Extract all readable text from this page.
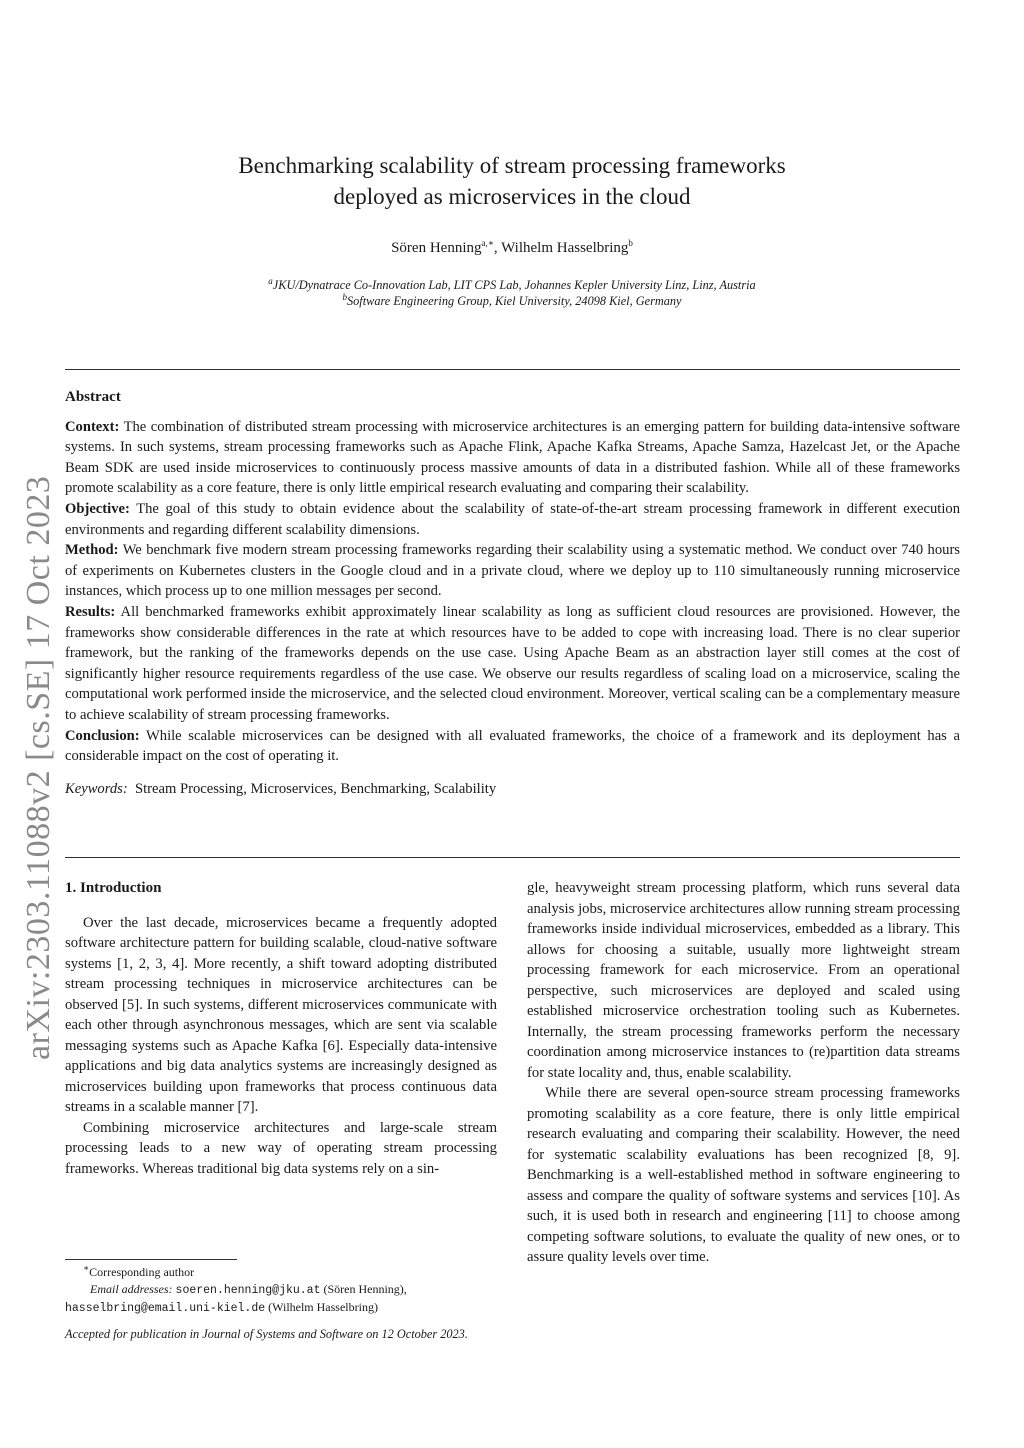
arXiv:2303.11088v2 [cs.SE] 17 Oct 2023
Benchmarking scalability of stream processing frameworks
deployed as microservices in the cloud
Sören Henning$^{a,∗}$, Wilhelm Hasselbring$^b$
$^a$JKU/Dynatrace Co-Innovation Lab, LIT CPS Lab, Johannes Kepler University Linz, Linz, Austria
$^b$Software Engineering Group, Kiel University, 24098 Kiel, Germany
Abstract

Context: The combination of distributed stream processing with microservice architectures is an emerging pattern for building data-intensive software systems. In such systems, stream processing frameworks such as Apache Flink, Apache Kafka Streams, Apache Samza, Hazelcast Jet, or the Apache Beam SDK are used inside microservices to continuously process massive amounts of data in a distributed fashion. While all of these frameworks promote scalability as a core feature, there is only little empirical research evaluating and comparing their scalability.

Objective: The goal of this study to obtain evidence about the scalability of state-of-the-art stream processing framework in different execution environments and regarding different scalability dimensions.

Method: We benchmark five modern stream processing frameworks regarding their scalability using a systematic method. We conduct over 740 hours of experiments on Kubernetes clusters in the Google cloud and in a private cloud, where we deploy up to 110 simultaneously running microservice instances, which process up to one million messages per second.

Results: All benchmarked frameworks exhibit approximately linear scalability as long as sufficient cloud resources are provisioned. However, the frameworks show considerable differences in the rate at which resources have to be added to cope with increasing load. There is no clear superior framework, but the ranking of the frameworks depends on the use case. Using Apache Beam as an abstraction layer still comes at the cost of significantly higher resource requirements regardless of the use case. We observe our results regardless of scaling load on a microservice, scaling the computational work performed inside the microservice, and the selected cloud environment. Moreover, vertical scaling can be a complementary measure to achieve scalability of stream processing frameworks.

Conclusion: While scalable microservices can be designed with all evaluated frameworks, the choice of a framework and its deployment has a considerable impact on the cost of operating it.

Keywords: Stream Processing, Microservices, Benchmarking, Scalability

1. Introduction

Over the last decade, microservices became a frequently adopted software architecture pattern for building scalable, cloud-native software systems [1, 2, 3, 4]. More recently, a shift toward adopting distributed stream processing techniques in microservice architectures can be observed [5]. In such systems, different microservices communicate with each other through asynchronous messages, which are sent via scalable messaging systems such as Apache Kafka [6]. Especially data-intensive applications and big data analytics systems are increasingly designed as microservices building upon frameworks that process continuous data streams in a scalable manner [7].

Combining microservice architectures and large-scale stream processing leads to a new way of operating stream processing frameworks. Whereas traditional big data systems rely on a sin-

gle, heavyweight stream processing platform, which runs several data analysis jobs, microservice architectures allow running stream processing frameworks inside individual microservices, embedded as a library. This allows for choosing a suitable, usually more lightweight stream processing framework for each microservice. From an operational perspective, such microservices are deployed and scaled using established microservice orchestration tooling such as Kubernetes. Internally, the stream processing frameworks perform the necessary coordination among microservice instances to (re)partition data streams for state locality and, thus, enable scalability.

While there are several open-source stream processing frameworks promoting scalability as a core feature, there is only little empirical research evaluating and comparing their scalability. However, the need for systematic scalability evaluations has been recognized [8, 9]. Benchmarking is a well-established method in software engineering to assess and compare the quality of software systems and services [10]. As such, it is used both in research and engineering [11] to choose among competing software solutions, to evaluate the quality of new ones, or to assure quality levels over time.

∗Corresponding author
Email addresses: soeren.henning@jku.at (Sören Henning),
hasselbring@email.uni-kiel.de (Wilhelm Hasselbring)
Accepted for publication in Journal of Systems and Software on 12 October 2023.
